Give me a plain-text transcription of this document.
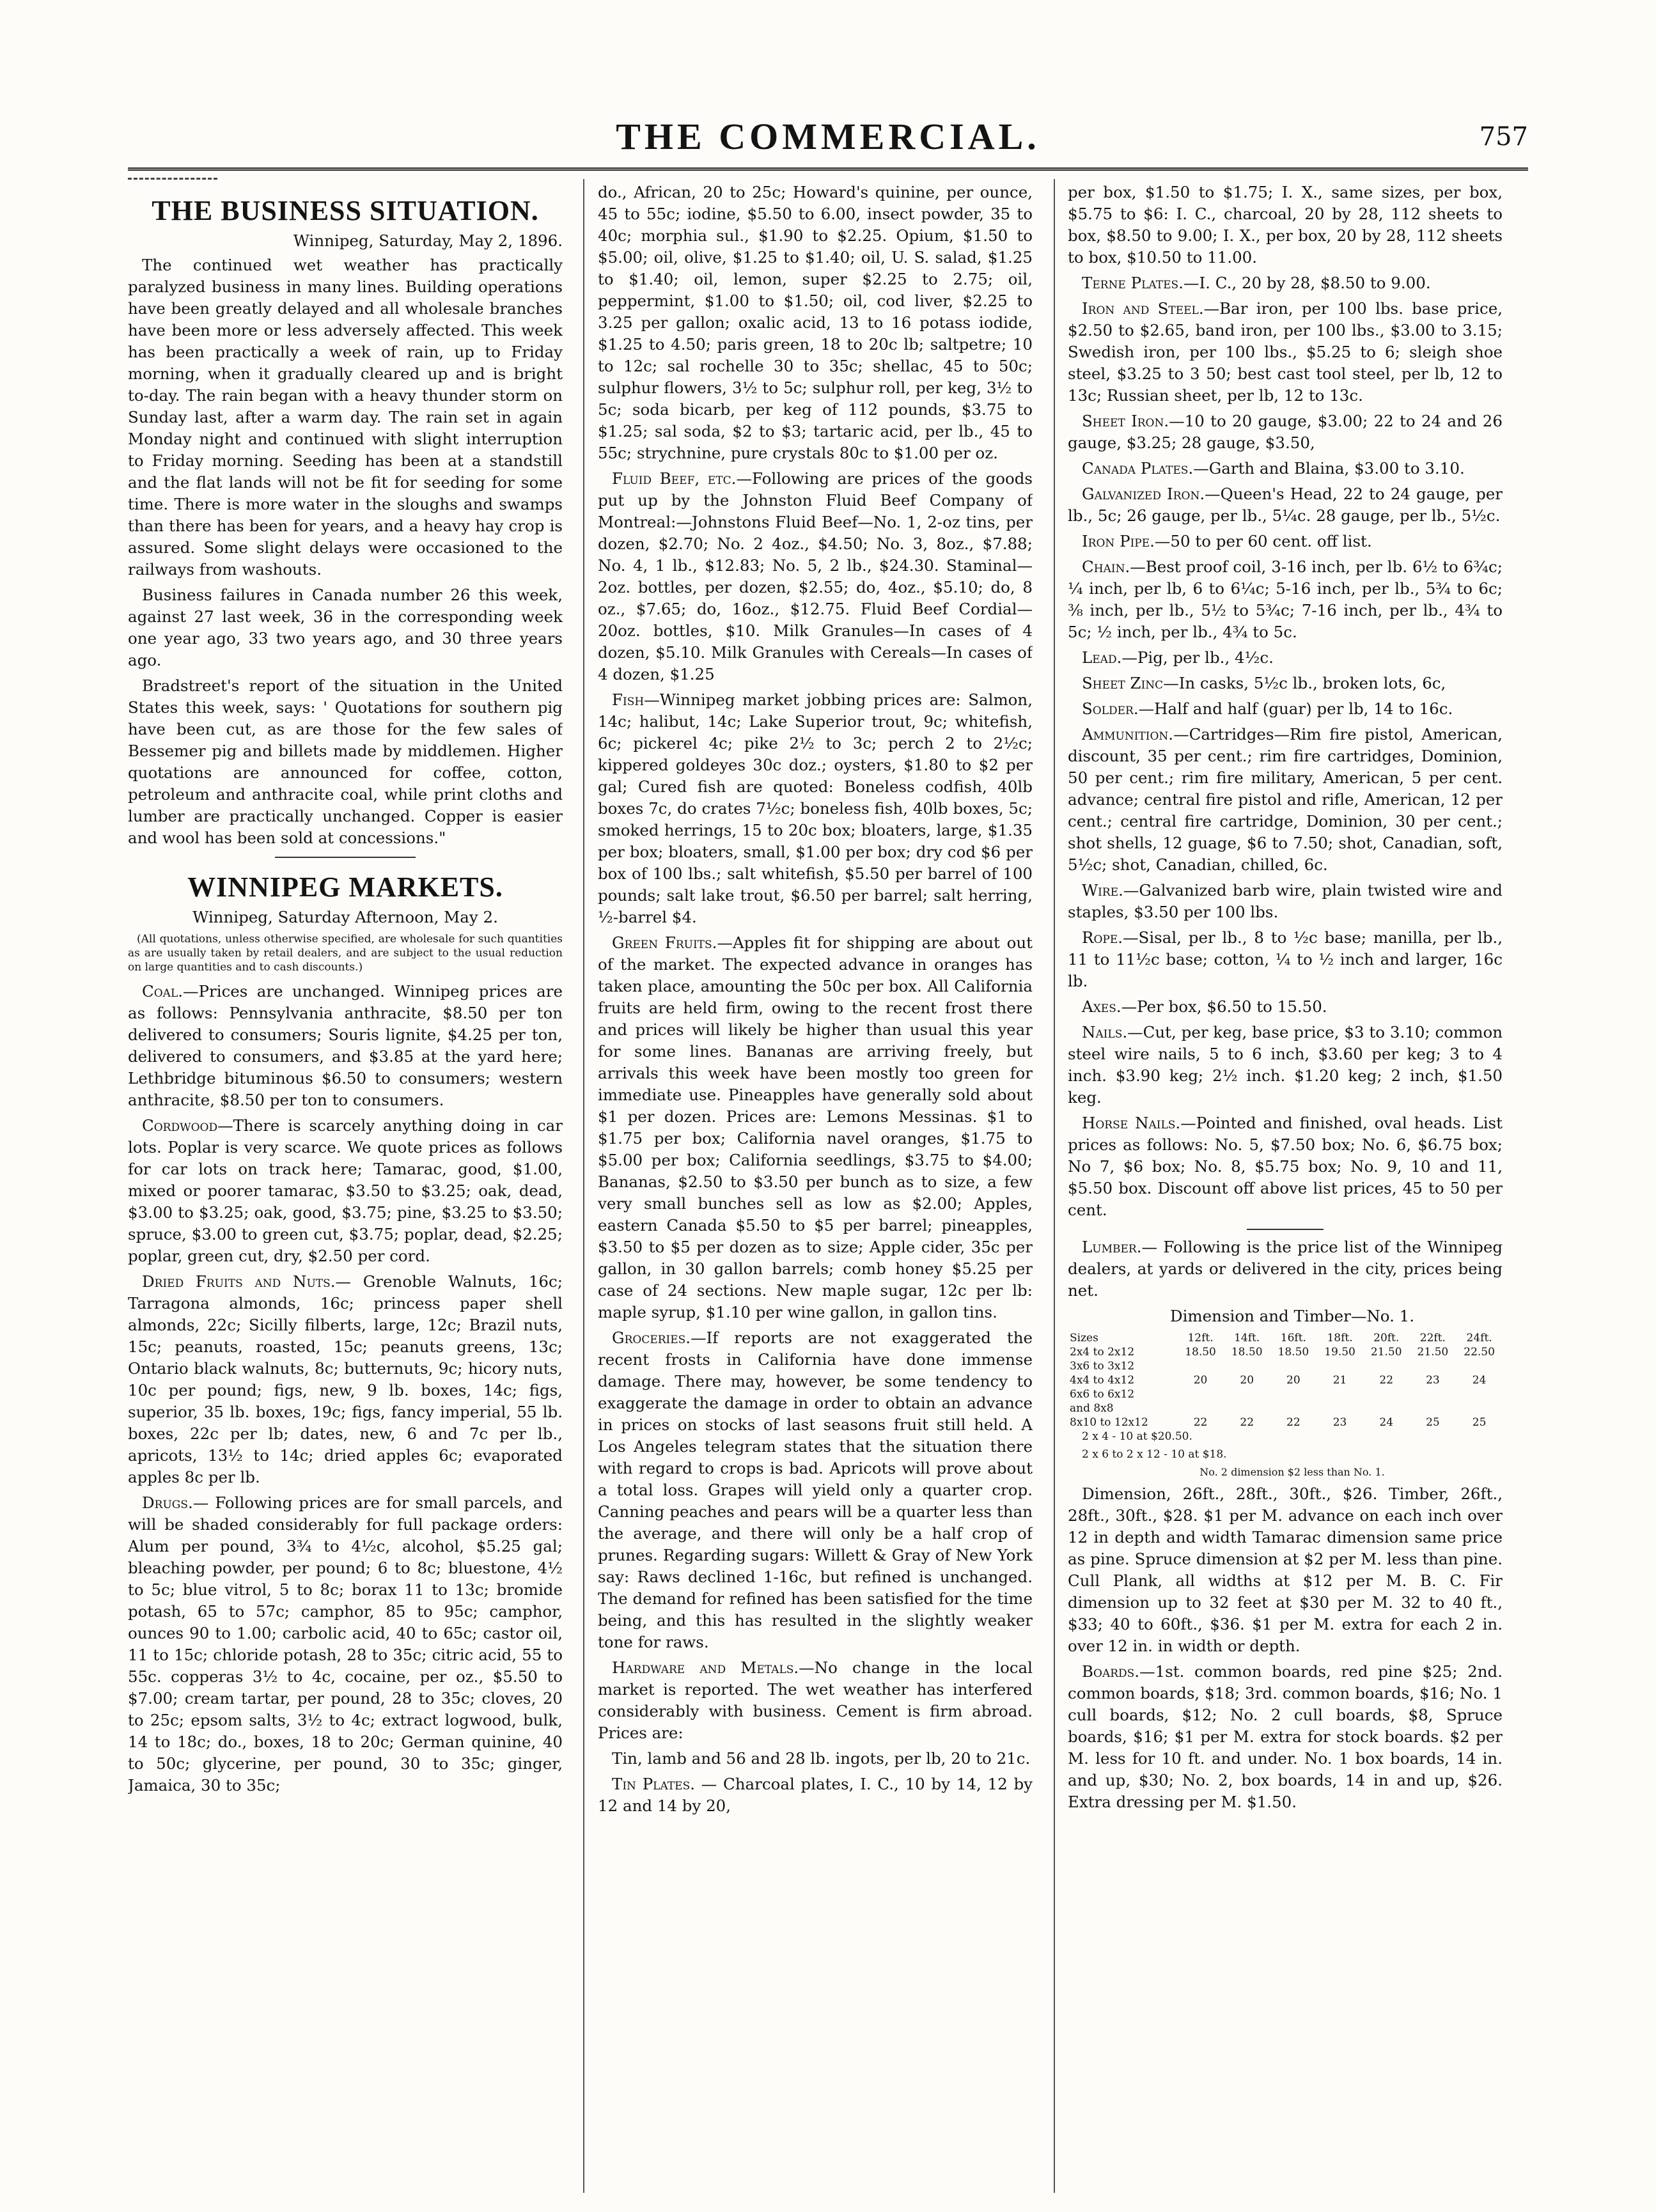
THE COMMERCIAL.	757
THE BUSINESS SITUATION.

Winnipeg, Saturday, May 2, 1896.

The continued wet weather has practically paralyzed business in many lines. Building operations have been greatly delayed and all wholesale branches have been more or less adversely affected. This week has been practically a week of rain, up to Friday morning, when it gradually cleared up and is bright to-day. The rain began with a heavy thunder storm on Sunday last, after a warm day. The rain set in again Monday night and continued with slight interruption to Friday morning. Seeding has been at a standstill and the flat lands will not be fit for seeding for some time. There is more water in the sloughs and swamps than there has been for years, and a heavy hay crop is assured. Some slight delays were occasioned to the railways from washouts.

Business failures in Canada number 26 this week, against 27 last week, 36 in the corresponding week one year ago, 33 two years ago, and 30 three years ago.

Bradstreet's report of the situation in the United States this week, says: ' Quotations for southern pig have been cut, as are those for the few sales of Bessemer pig and billets made by middlemen. Higher quotations are announced for coffee, cotton, petroleum and anthracite coal, while print cloths and lumber are practically unchanged. Copper is easier and wool has been sold at concessions."

WINNIPEG MARKETS.

Winnipeg, Saturday Afternoon, May 2.

(All quotations, unless otherwise specified, are wholesale for such quantities as are usually taken by retail dealers, and are subject to the usual reduction on large quantities and to cash discounts.)

Coal.—Prices are unchanged. Winnipeg prices are as follows: Pennsylvania anthracite, $8.50 per ton delivered to consumers; Souris lignite, $4.25 per ton, delivered to consumers, and $3.85 at the yard here; Lethbridge bituminous $6.50 to consumers; western anthracite, $8.50 per ton to consumers.

Cordwood—There is scarcely anything doing in car lots. Poplar is very scarce. We quote prices as follows for car lots on track here; Tamarac, good, $1.00, mixed or poorer tamarac, $3.50 to $3.25; oak, dead, $3.00 to $3.25; oak, good, $3.75; pine, $3.25 to $3.50; spruce, $3.00 to green cut, $3.75; poplar, dead, $2.25; poplar, green cut, dry, $2.50 per cord.

Dried Fruits and Nuts.— Grenoble Walnuts, 16c; Tarragona almonds, 16c; princess paper shell almonds, 22c; Sicilly filberts, large, 12c; Brazil nuts, 15c; peanuts, roasted, 15c; peanuts greens, 13c; Ontario black walnuts, 8c; butternuts, 9c; hicory nuts, 10c per pound; figs, new, 9 lb. boxes, 14c; figs, superior, 35 lb. boxes, 19c; figs, fancy imperial, 55 lb. boxes, 22c per lb; dates, new, 6 and 7c per lb., apricots, 13½ to 14c; dried apples 6c; evaporated apples 8c per lb.

Drugs.— Following prices are for small parcels, and will be shaded considerably for full package orders: Alum per pound, 3¾ to 4½c, alcohol, $5.25 gal; bleaching powder, per pound; 6 to 8c; bluestone, 4½ to 5c; blue vitrol, 5 to 8c; borax 11 to 13c; bromide potash, 65 to 57c; camphor, 85 to 95c; camphor, ounces 90 to 1.00; carbolic acid, 40 to 65c; castor oil, 11 to 15c; chloride potash, 28 to 35c; citric acid, 55 to 55c. copperas 3½ to 4c, cocaine, per oz., $5.50 to $7.00; cream tartar, per pound, 28 to 35c; cloves, 20 to 25c; epsom salts, 3½ to 4c; extract logwood, bulk, 14 to 18c; do., boxes, 18 to 20c; German quinine, 40 to 50c; glycerine, per pound, 30 to 35c; ginger, Jamaica, 30 to 35c;

do., African, 20 to 25c; Howard's quinine, per ounce, 45 to 55c; iodine, $5.50 to 6.00, insect powder, 35 to 40c; morphia sul., $1.90 to $2.25. Opium, $1.50 to $5.00; oil, olive, $1.25 to $1.40; oil, U. S. salad, $1.25 to $1.40; oil, lemon, super $2.25 to 2.75; oil, peppermint, $1.00 to $1.50; oil, cod liver, $2.25 to 3.25 per gallon; oxalic acid, 13 to 16 potass iodide, $1.25 to 4.50; paris green, 18 to 20c lb; saltpetre; 10 to 12c; sal rochelle 30 to 35c; shellac, 45 to 50c; sulphur flowers, 3½ to 5c; sulphur roll, per keg, 3½ to 5c; soda bicarb, per keg of 112 pounds, $3.75 to $1.25; sal soda, $2 to $3; tartaric acid, per lb., 45 to 55c; strychnine, pure crystals 80c to $1.00 per oz.

Fluid Beef, etc.—Following are prices of the goods put up by the Johnston Fluid Beef Company of Montreal:—Johnstons Fluid Beef—No. 1, 2-oz tins, per dozen, $2.70; No. 2 4oz., $4.50; No. 3, 8oz., $7.88; No. 4, 1 lb., $12.83; No. 5, 2 lb., $24.30. Staminal—2oz. bottles, per dozen, $2.55; do, 4oz., $5.10; do, 8 oz., $7.65; do, 16oz., $12.75. Fluid Beef Cordial—20oz. bottles, $10. Milk Granules—In cases of 4 dozen, $5.10. Milk Granules with Cereals—In cases of 4 dozen, $1.25

Fish—Winnipeg market jobbing prices are: Salmon, 14c; halibut, 14c; Lake Superior trout, 9c; whitefish, 6c; pickerel 4c; pike 2½ to 3c; perch 2 to 2½c; kippered goldeyes 30c doz.; oysters, $1.80 to $2 per gal; Cured fish are quoted: Boneless codfish, 40lb boxes 7c, do crates 7½c; boneless fish, 40lb boxes, 5c; smoked herrings, 15 to 20c box; bloaters, large, $1.35 per box; bloaters, small, $1.00 per box; dry cod $6 per box of 100 lbs.; salt whitefish, $5.50 per barrel of 100 pounds; salt lake trout, $6.50 per barrel; salt herring, ½-barrel $4.

Green Fruits.—Apples fit for shipping are about out of the market. The expected advance in oranges has taken place, amounting the 50c per box. All California fruits are held firm, owing to the recent frost there and prices will likely be higher than usual this year for some lines. Bananas are arriving freely, but arrivals this week have been mostly too green for immediate use. Pineapples have generally sold about $1 per dozen. Prices are: Lemons Messinas. $1 to $1.75 per box; California navel oranges, $1.75 to $5.00 per box; California seedlings, $3.75 to $4.00; Bananas, $2.50 to $3.50 per bunch as to size, a few very small bunches sell as low as $2.00; Apples, eastern Canada $5.50 to $5 per barrel; pineapples, $3.50 to $5 per dozen as to size; Apple cider, 35c per gallon, in 30 gallon barrels; comb honey $5.25 per case of 24 sections. New maple sugar, 12c per lb: maple syrup, $1.10 per wine gallon, in gallon tins.

Groceries.—If reports are not exaggerated the recent frosts in California have done immense damage. There may, however, be some tendency to exaggerate the damage in order to obtain an advance in prices on stocks of last seasons fruit still held. A Los Angeles telegram states that the situation there with regard to crops is bad. Apricots will prove about a total loss. Grapes will yield only a quarter crop. Canning peaches and pears will be a quarter less than the average, and there will only be a half crop of prunes. Regarding sugars: Willett & Gray of New York say: Raws declined 1-16c, but refined is unchanged. The demand for refined has been satisfied for the time being, and this has resulted in the slightly weaker tone for raws.

Hardware and Metals.—No change in the local market is reported. The wet weather has interfered considerably with business. Cement is firm abroad. Prices are:

Tin, lamb and 56 and 28 lb. ingots, per lb, 20 to 21c.

Tin Plates. — Charcoal plates, I. C., 10 by 14, 12 by 12 and 14 by 20,

per box, $1.50 to $1.75; I. X., same sizes, per box, $5.75 to $6: I. C., charcoal, 20 by 28, 112 sheets to box, $8.50 to 9.00; I. X., per box, 20 by 28, 112 sheets to box, $10.50 to 11.00.

Terne Plates.—I. C., 20 by 28, $8.50 to 9.00.

Iron and Steel.—Bar iron, per 100 lbs. base price, $2.50 to $2.65, band iron, per 100 lbs., $3.00 to 3.15; Swedish iron, per 100 lbs., $5.25 to 6; sleigh shoe steel, $3.25 to 3 50; best cast tool steel, per lb, 12 to 13c; Russian sheet, per lb, 12 to 13c.

Sheet Iron.—10 to 20 gauge, $3.00; 22 to 24 and 26 gauge, $3.25; 28 gauge, $3.50,

Canada Plates.—Garth and Blaina, $3.00 to 3.10.

Galvanized Iron.—Queen's Head, 22 to 24 gauge, per lb., 5c; 26 gauge, per lb., 5¼c. 28 gauge, per lb., 5½c.

Iron Pipe.—50 to per 60 cent. off list.

Chain.—Best proof coil, 3-16 inch, per lb. 6½ to 6¾c; ¼ inch, per lb, 6 to 6¼c; 5-16 inch, per lb., 5¾ to 6c; ⅜ inch, per lb., 5½ to 5¾c; 7-16 inch, per lb., 4¾ to 5c; ½ inch, per lb., 4¾ to 5c.

Lead.—Pig, per lb., 4½c.

Sheet Zinc—In casks, 5½c lb., broken lots, 6c,

Solder.—Half and half (guar) per lb, 14 to 16c.

Ammunition.—Cartridges—Rim fire pistol, American, discount, 35 per cent.; rim fire cartridges, Dominion, 50 per cent.; rim fire military, American, 5 per cent. advance; central fire pistol and rifle, American, 12 per cent.; central fire cartridge, Dominion, 30 per cent.; shot shells, 12 guage, $6 to 7.50; shot, Canadian, soft, 5½c; shot, Canadian, chilled, 6c.

Wire.—Galvanized barb wire, plain twisted wire and staples, $3.50 per 100 lbs.

Rope.—Sisal, per lb., 8 to ½c base; manilla, per lb., 11 to 11½c base; cotton, ¼ to ½ inch and larger, 16c lb.

Axes.—Per box, $6.50 to 15.50.

Nails.—Cut, per keg, base price, $3 to 3.10; common steel wire nails, 5 to 6 inch, $3.60 per keg; 3 to 4 inch. $3.90 keg; 2½ inch. $1.20 keg; 2 inch, $1.50 keg.

Horse Nails.—Pointed and finished, oval heads. List prices as follows: No. 5, $7.50 box; No. 6, $6.75 box; No 7, $6 box; No. 8, $5.75 box; No. 9, 10 and 11, $5.50 box. Discount off above list prices, 45 to 50 per cent.

Lumber.— Following is the price list of the Winnipeg dealers, at yards or delivered in the city, prices being net.

Dimension and Timber—No. 1.

Sizes	12ft.	14ft.	16ft.	18ft.	20ft.	22ft.	24ft.
2x4 to 2x12	18.50	18.50	18.50	19.50	21.50	21.50	22.50
3x6 to 3x12							
4x4 to 4x12	20	20	20	21	22	23	24
6x6 to 6x12							
and 8x8							
8x10 to 12x12	22	22	22	23	24	25	25

2 x 4 - 10 at $20.50.

2 x 6 to 2 x 12 - 10 at $18.

No. 2 dimension $2 less than No. 1.

Dimension, 26ft., 28ft., 30ft., $26. Timber, 26ft., 28ft., 30ft., $28. $1 per M. advance on each inch over 12 in depth and width Tamarac dimension same price as pine. Spruce dimension at $2 per M. less than pine. Cull Plank, all widths at $12 per M. B. C. Fir dimension up to 32 feet at $30 per M. 32 to 40 ft., $33; 40 to 60ft., $36. $1 per M. extra for each 2 in. over 12 in. in width or depth.

Boards.—1st. common boards, red pine $25; 2nd. common boards, $18; 3rd. common boards, $16; No. 1 cull boards, $12; No. 2 cull boards, $8, Spruce boards, $16; $1 per M. extra for stock boards. $2 per M. less for 10 ft. and under. No. 1 box boards, 14 in. and up, $30; No. 2, box boards, 14 in and up, $26. Extra dressing per M. $1.50.
